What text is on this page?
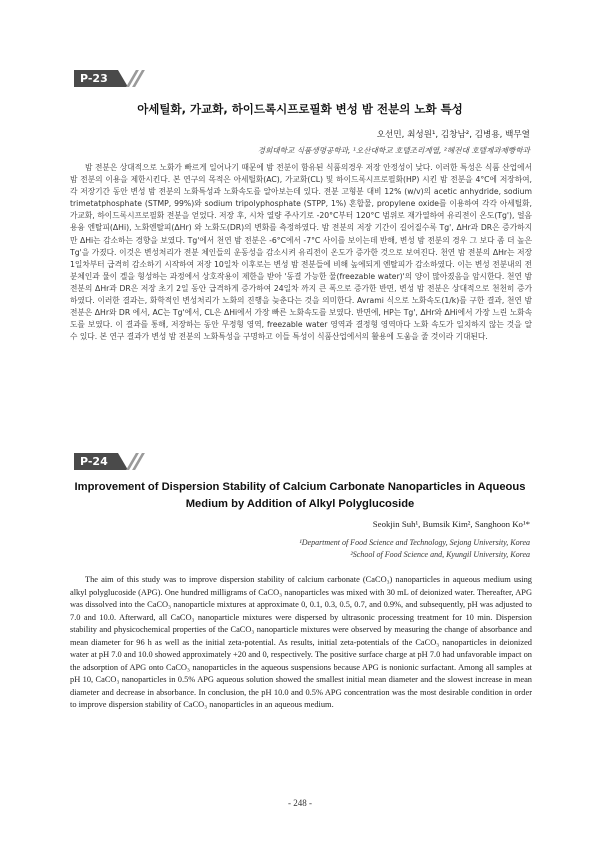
P-23
아세틸화, 가교화, 하이드록시프로필화 변성 밤 전분의 노화 특성
오선민, 최성원¹, 김창남², 김병용, 백무열
경희대학교 식품생명공학과, ¹오산대학교 호텔조리계열, ²혜전대 호텔제과제빵학과
밤 전분은 상대적으로 노화가 빠르게 일어나기 때문에 밤 전분이 함유된 식품의경우 저장 안정성이 낮다. 이러한 특성은 식품 산업에서 밤 전분의 이용을 제한시킨다. 본 연구의 목적은 아세틸화(AC), 가교화(CL) 및 하이드록시프로필화(HP) 시킨 밤 전분을 4°C에 저장하여, 각 저장기간 동안 변성 밤 전분의 노화특성과 노화속도를 알아보는데 있다. 전분 고형분 대비 12% (w/v)의 acetic anhydride, sodium trimetatphosphate (STMP, 99%)와 sodium tripolyphosphate (STPP, 1%) 혼합물, propylene oxide를 이용하여 각각 아세틸화, 가교화, 하이드록시프로필화 전분을 얻었다. 저장 후, 시차 열량 주사기로 -20°C부터 120°C 범위로 재가열하여 유리전이 온도(Tg'), 얼음 용융 엔탈피(ΔHi), 노화엔탈피(ΔHr) 와 노화도(DR)의 변화를 측정하였다. 밤 전분의 저장 기간이 길어질수록 Tg', ΔHr과 DR은 증가하지만 ΔHi는 감소하는 경향을 보였다. Tg'에서 천연 밤 전분은 -6°C에서 -7°C 사이를 보이는데 반해, 변성 밤 전분의 경우 그 보다 좀 더 높은 Tg'을 가졌다. 이것은 변성처리가 전분 체인들의 운동성을 감소시켜 유리전이 온도가 증가한 것으로 보여진다. 천연 밤 전분의 ΔHr는 저장 1일차부터 급격히 감소하기 시작하여 저장 10일차 이후로는 변성 밤 전분들에 비해 높에되게 엔탈피가 감소하였다. 이는 변성 전분내의 전분체인과 물이 겔을 형성하는 과정에서 상호작용이 제한을 받아 '동결 가능한 물(freezable water)'의 양이 많아졌음을 암시한다. 천연 밤 전분의 ΔHr과 DR은 저장 초기 2일 동안 급격하게 증가하여 24일차 까지 큰 폭으로 증가한 반면, 변성 밤 전분은 상대적으로 천천히 증가하였다. 이러한 결과는, 화학적인 변성처리가 노화의 진행을 늦춘다는 것을 의미한다. Avrami 식으로 노화속도(1/k)를 구한 결과, 천연 밤 전분은 ΔHr와 DR 에서, AC는 Tg'에서, CL은 ΔHi에서 가장 빠른 노화속도를 보였다. 반면에, HP는 Tg', ΔHr와 ΔHi에서 가장 느린 노화속도를 보였다. 이 결과를 통해, 저장하는 동안 무정형 영역, freezable water 영역과 결정형 영역마다 노화 속도가 일치하지 않는 것을 알 수 있다. 본 연구 결과가 변성 밤 전분의 노화특성을 구명하고 이들 특성이 식품산업에서의 활용에 도움을 줄 것이라 기대된다.
P-24
Improvement of Dispersion Stability of Calcium Carbonate Nanoparticles in Aqueous Medium by Addition of Alkyl Polyglucoside
Seokjin Suh¹, Bumsik Kim², Sanghoon Ko¹*
¹Department of Food Science and Technology, Sejong University, Korea
²School of Food Science and, Kyungil University, Korea
The aim of this study was to improve dispersion stability of calcium carbonate (CaCO₃) nanoparticles in aqueous medium using alkyl polyglucoside (APG). One hundred milligrams of CaCO₃ nanoparticles was mixed with 30 mL of deionized water. Thereafter, APG was dissolved into the CaCO₃ nanoparticle mixtures at approximate 0, 0.1, 0.3, 0.5, 0.7, and 0.9%, and subsequently, pH was adjusted to 7.0 and 10.0. Afterward, all CaCO₃ nanoparticle mixtures were dispersed by ultrasonic processing treatment for 10 min. Dispersion stability and physicochemical properties of the CaCO₃ nanoparticle mixtures were observed by measuring the change of absorbance and mean diameter for 96 h as well as the initial zeta-potential. As results, initial zeta-potentials of the CaCO₃ nanoparticles in deionized water at pH 7.0 and 10.0 showed approximately +20 and 0, respectively. The positive surface charge at pH 7.0 had unfavorable impact on the adsorption of APG onto CaCO₃ nanoparticles in the aqueous suspensions because APG is nonionic surfactant. Among all samples at pH 10, CaCO₃ nanoparticles in 0.5% APG aqueous solution showed the smallest initial mean diameter and the slowest increase in mean diameter and decrease in absorbance. In conclusion, the pH 10.0 and 0.5% APG concentration was the most desirable condition in order to improve dispersion stability of CaCO₃ nanoparticles in an aqueous medium.
- 248 -
